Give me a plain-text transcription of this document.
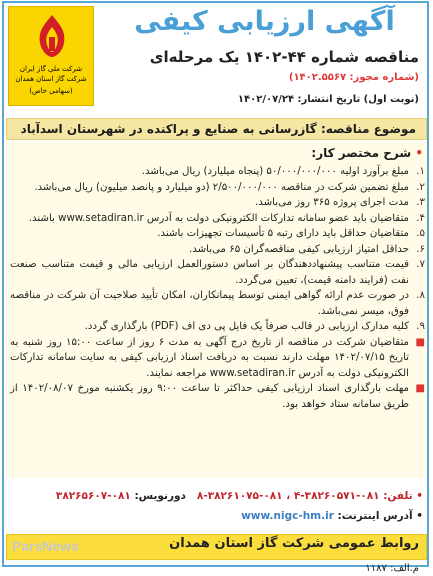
شرکت ملی گاز ایران
شرکت گاز استان همدان
(سهامی خاص)
آگهی ارزیابی کیفی
مناقصه شماره ۴۴-۱۴۰۲ یک مرحله‌ای
(شماره مجوز: ۱۴۰۲.۵۵۶۷)
(نوبت اول) تاریخ انتشار: ۱۴۰۲/۰۷/۲۴
موضوع مناقصه: گازرسانی به صنایع و پراکنده در شهرستان اسدآباد
• شرح مختصر کار:
۱.
مبلغ برآورد اولیه ۵۰/۰۰۰/۰۰۰/۰۰۰ (پنجاه میلیارد) ریال می‌باشد.
۲.
مبلغ تضمین شرکت در مناقصه ۲/۵۰۰/۰۰۰/۰۰۰ (دو میلیارد و پانصد میلیون) ریال می‌باشد.
۳.
مدت اجرای پروژه ۳۶۵ روز می‌باشد.
۴.
متقاضیان باید عضو سامانه تدارکات الکترونیکی دولت به آدرس www.setadiran.ir باشند.
۵.
متقاضیان حداقل باید دارای رتبه ۵ تأسیسات تجهیزات باشند.
۶.
حداقل امتیاز ارزیابی کیفی مناقصه‌گران ۶۵ می‌باشد.
۷.
قیمت متناسب پیشنهاددهندگان بر اساس دستورالعمل ارزیابی مالی و قیمت متناسب صنعت نفت (فرایند دامنه قیمت)، تعیین می‌گردد.
۸.
در صورت عدم ارائه گواهی ایمنی توسط پیمانکاران، امکان تأیید صلاحیت آن شرکت در مناقصه فوق، میسر نمی‌باشد.
۹.
کلیه مدارک ارزیابی در قالب صرفاً یک فایل پی دی اف (PDF) بارگذاری گردد.
■
متقاضیان شرکت در مناقصه از تاریخ درج آگهی به مدت ۶ روز از ساعت ۱۵:۰۰ روز شنبه به تاریخ ۱۴۰۲/۰۷/۱۵ مهلت دارند نسبت به دریافت اسناد ارزیابی کیفی به سایت سامانه تدارکات الکترونیکی دولت به آدرس www.setadiran.ir مراجعه نمایند.
■
مهلت بارگذاری اسناد ارزیابی کیفی حداکثر تا ساعت ۹:۰۰ روز یکشنبه مورخ ۱۴۰۲/۰۸/۰۷ از طریق سامانه ستاد خواهد بود.
• تلفن: ۰۸۱-۳۸۲۶۰۵۷۱-۴ ، ۰۸۱-۳۸۲۶۱۰۷۵-۸   دورنویس: ۰۸۱-۳۸۲۶۵۶۰۷
• آدرس اینترنت: www.nigc-hm.ir
روابط عمومی شرکت گاز استان همدان
ParsNews
م.الف: ۱۱۸۷
